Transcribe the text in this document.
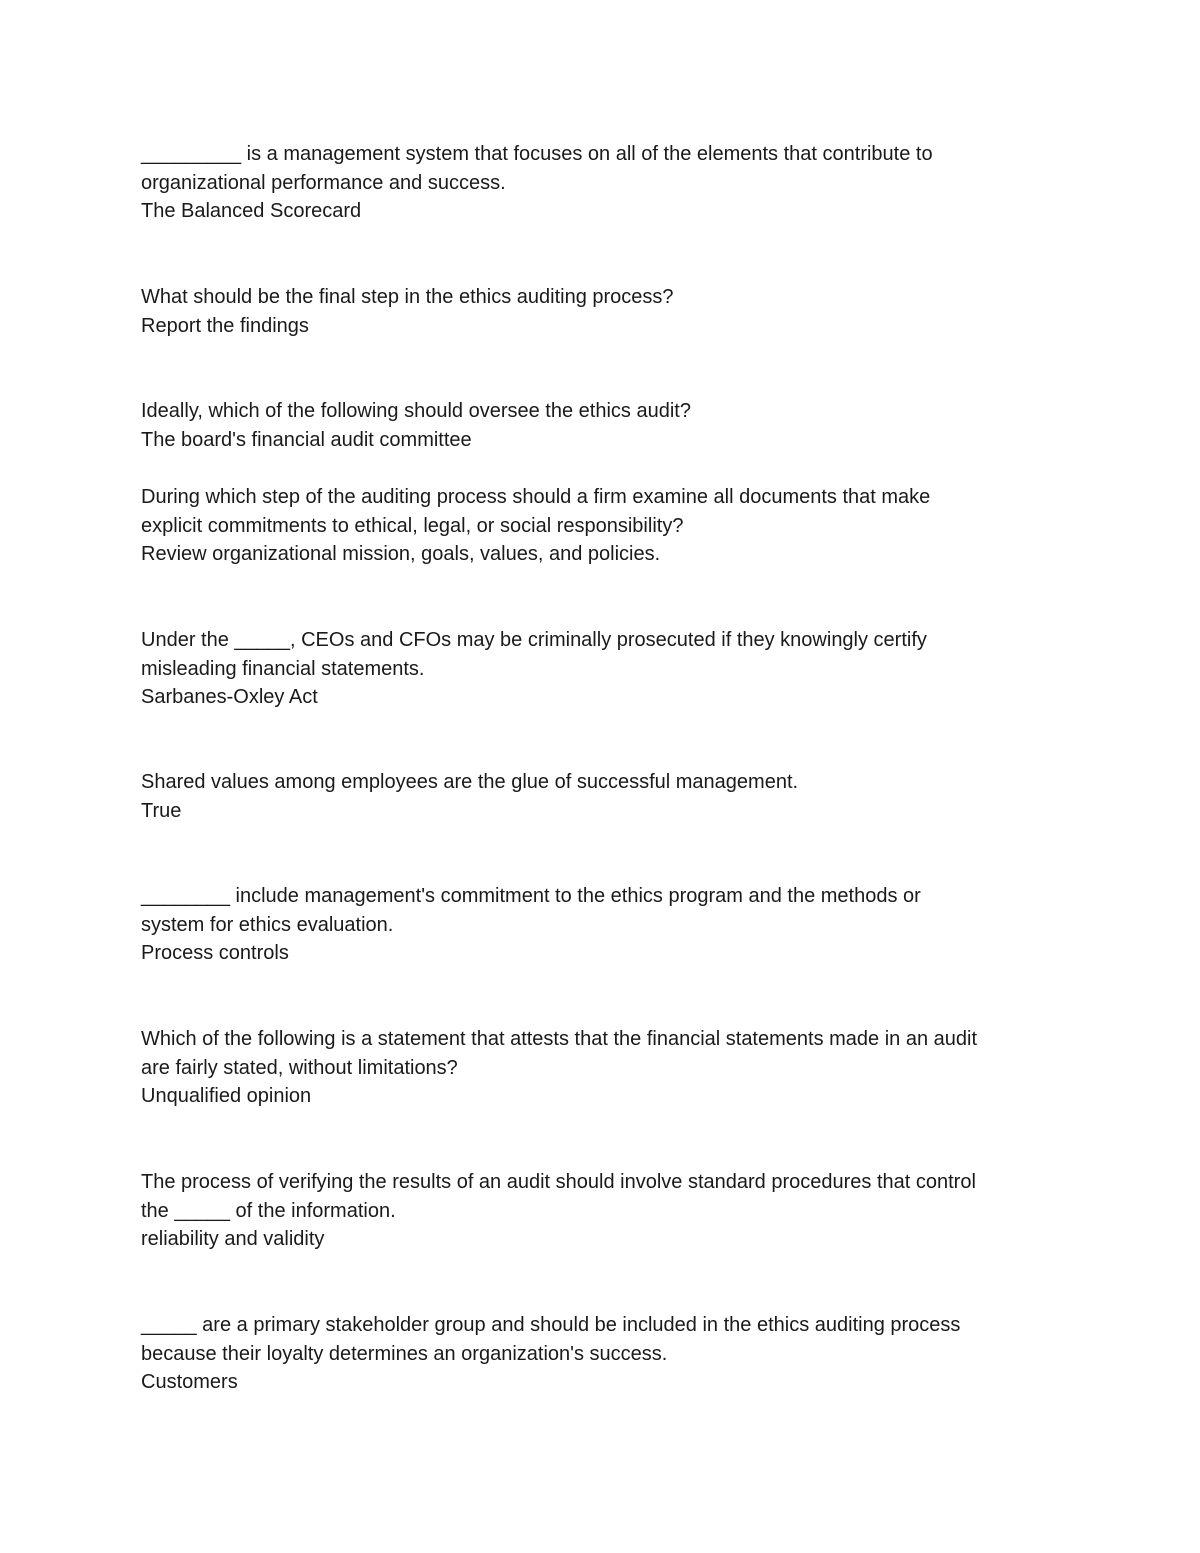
_________ is a management system that focuses on all of the elements that contribute to
organizational performance and success.
The Balanced Scorecard
What should be the final step in the ethics auditing process?
Report the findings
Ideally, which of the following should oversee the ethics audit?
The board's financial audit committee
During which step of the auditing process should a firm examine all documents that make
explicit commitments to ethical, legal, or social responsibility?
Review organizational mission, goals, values, and policies.
Under the _____, CEOs and CFOs may be criminally prosecuted if they knowingly certify
misleading financial statements.
Sarbanes-Oxley Act
Shared values among employees are the glue of successful management.
True
________ include management's commitment to the ethics program and the methods or
system for ethics evaluation.
Process controls
Which of the following is a statement that attests that the financial statements made in an audit
are fairly stated, without limitations?
Unqualified opinion
The process of verifying the results of an audit should involve standard procedures that control
the _____ of the information.
reliability and validity
_____ are a primary stakeholder group and should be included in the ethics auditing process
because their loyalty determines an organization's success.
Customers
